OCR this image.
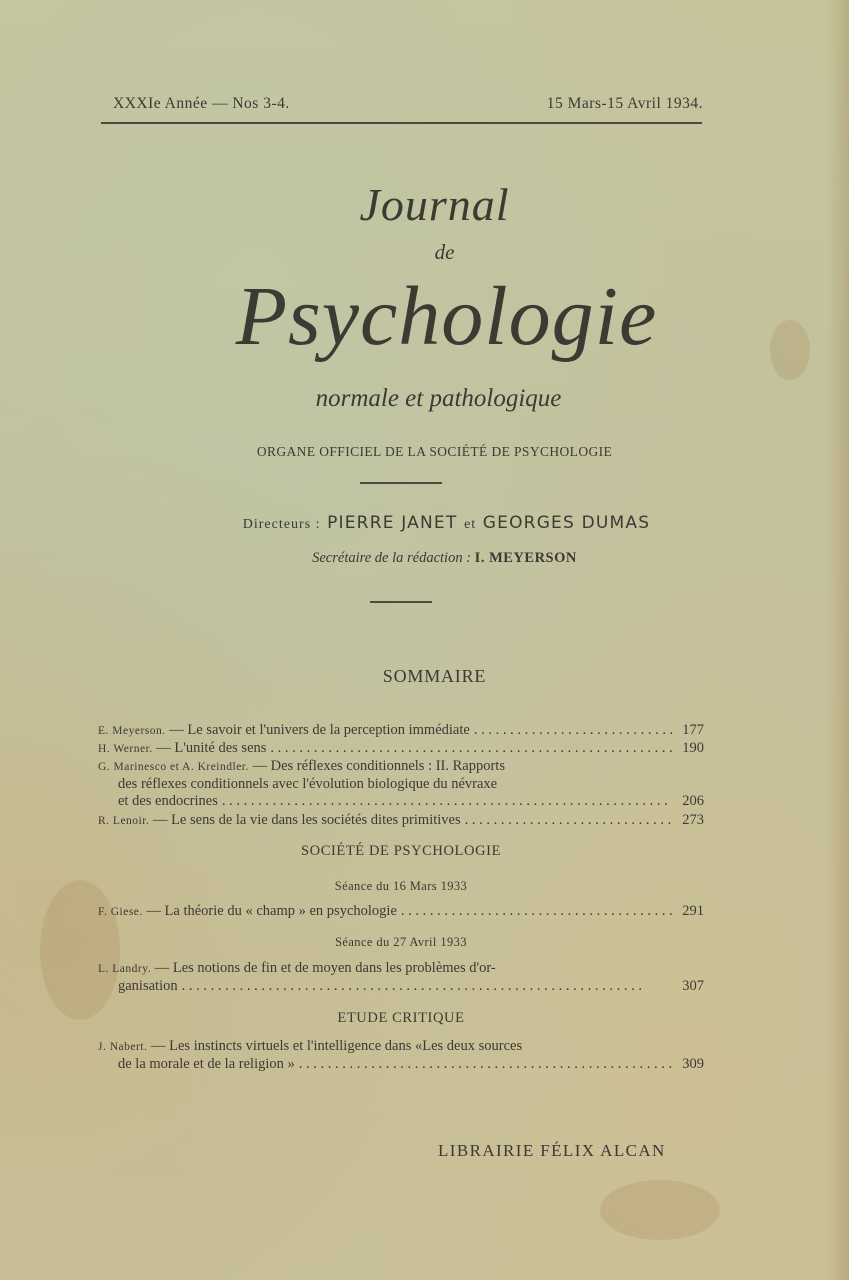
XXXIe Année — Nos 3-4.	15 Mars-15 Avril 1934.
Journal
de
Psychologie
normale et pathologique
ORGANE OFFICIEL DE LA SOCIÉTÉ DE PSYCHOLOGIE
Directeurs : PIERRE JANET et GEORGES DUMAS
Secrétaire de la rédaction : I. MEYERSON
SOMMAIRE
E. Meyerson. — Le savoir et l'univers de la perception immédiate . . .	177
H. Werner. — L'unité des sens . . .	190
G. Marinesco et A. Kreindler. — Des réflexes conditionnels : II. Rapports
des réflexes conditionnels avec l'évolution biologique du névraxe
et des endocrines . . .	206
R. Lenoir. — Le sens de la vie dans les sociétés dites primitives . . .	273
SOCIÉTÉ DE PSYCHOLOGIE
Séance du 16 Mars 1933
F. Giese. — La théorie du « champ » en psychologie . . .	291
Séance du 27 Avril 1933
L. Landry. — Les notions de fin et de moyen dans les problèmes d'or-
ganisation . . .	307
ETUDE CRITIQUE
J. Nabert. — Les instincts virtuels et l'intelligence dans «Les deux sources
de la morale et de la religion » . . .	309
LIBRAIRIE FÉLIX ALCAN
